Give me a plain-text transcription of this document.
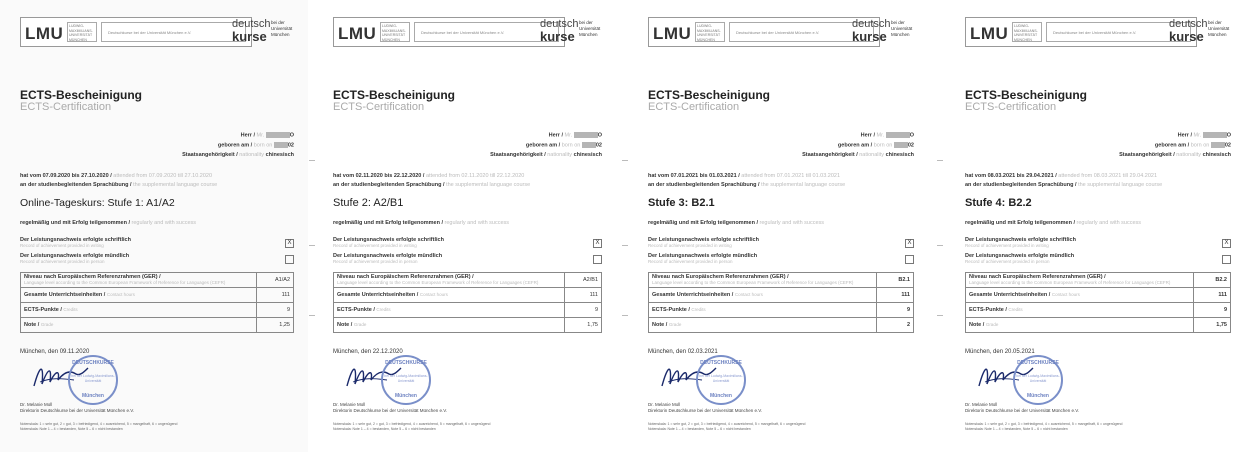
LMU	LUDWIG-MAXIMILIANS-UNIVERSITÄT MÜNCHEN
Deutschkurse bei der Universität München e.V.
deutsch
kurse
bei der Universität München
ECTS-Bescheinigung
ECTS-Certification
Herr / Mr.	O
geboren am / born on	02
Staatsangehörigkeit / nationality chinesisch
hat vom 07.09.2020 bis 27.10.2020 / attended from 07.09.2020 till 27.10.2020
an der studienbegleitenden Sprachübung / the supplemental language course
Online-Tageskurs: Stufe 1: A1/A2
regelmäßig und mit Erfolg teilgenommen / regularly and with success
Der Leistungsnachweis erfolgte schriftlich
Record of achievement provided in writing	X
Der Leistungsnachweis erfolgte mündlich
Record of achievement provided in person
Niveau nach Europäischem Referenzrahmen (GER) /
Language level according to the Common European Framework of Reference for Languages (CEFR)	A1/A2
Gesamte Unterrichtseinheiten / Contact hours	111
ECTS-Punkte / Credits	9
Note / Grade	1,25
München, den 09.11.2020
DEUTSCHKURSE
bei der Ludwig-Maximilians-Universität
München
Dr. Melanie Moll
Direktorin Deutschkurse bei der Universität München e.V.
Notenskala: 1 = sehr gut, 2 = gut, 3 = befriedigend, 4 = ausreichend, 5 = mangelhaft, 6 = ungenügend
Notenskala: Note 1 – 4 = bestanden, Note 5 – 6 = nicht bestanden
LMU	LUDWIG-MAXIMILIANS-UNIVERSITÄT MÜNCHEN
Deutschkurse bei der Universität München e.V.
deutsch
kurse
bei der Universität München
ECTS-Bescheinigung
ECTS-Certification
Herr / Mr.	O
geboren am / born on	02
Staatsangehörigkeit / nationality chinesisch
hat vom 02.11.2020 bis 22.12.2020 / attended from 02.11.2020 till 22.12.2020
an der studienbegleitenden Sprachübung / the supplemental language course
Stufe 2: A2/B1
regelmäßig und mit Erfolg teilgenommen / regularly and with success
Der Leistungsnachweis erfolgte schriftlich
Record of achievement provided in writing	X
Der Leistungsnachweis erfolgte mündlich
Record of achievement provided in person
Niveau nach Europäischem Referenzrahmen (GER) /
Language level according to the Common European Framework of Reference for Languages (CEFR)	A2/B1
Gesamte Unterrichtseinheiten / Contact hours	111
ECTS-Punkte / Credits	9
Note / Grade	1,75
München, den 22.12.2020
DEUTSCHKURSE
bei der Ludwig-Maximilians-Universität
München
Dr. Melanie Moll
Direktorin Deutschkurse bei der Universität München e.V.
Notenskala: 1 = sehr gut, 2 = gut, 3 = befriedigend, 4 = ausreichend, 5 = mangelhaft, 6 = ungenügend
Notenskala: Note 1 – 4 = bestanden, Note 5 – 6 = nicht bestanden
LMU	LUDWIG-MAXIMILIANS-UNIVERSITÄT MÜNCHEN
Deutschkurse bei der Universität München e.V.
deutsch
kurse
bei der Universität München
ECTS-Bescheinigung
ECTS-Certification
Herr / Mr.	O
geboren am / born on	02
Staatsangehörigkeit / nationality chinesisch
hat vom 07.01.2021 bis 01.03.2021 / attended from 07.01.2021 till 01.03.2021
an der studienbegleitenden Sprachübung / the supplemental language course
Stufe 3: B2.1
regelmäßig und mit Erfolg teilgenommen / regularly and with success
Der Leistungsnachweis erfolgte schriftlich
Record of achievement provided in writing	X
Der Leistungsnachweis erfolgte mündlich
Record of achievement provided in person
Niveau nach Europäischem Referenzrahmen (GER) /
Language level according to the Common European Framework of Reference for Languages (CEFR)	B2.1
Gesamte Unterrichtseinheiten / Contact hours	111
ECTS-Punkte / Credits	9
Note / Grade	2
München, den 02.03.2021
DEUTSCHKURSE
bei der Ludwig-Maximilians-Universität
München
Dr. Melanie Moll
Direktorin Deutschkurse bei der Universität München e.V.
Notenskala: 1 = sehr gut, 2 = gut, 3 = befriedigend, 4 = ausreichend, 5 = mangelhaft, 6 = ungenügend
Notenskala: Note 1 – 4 = bestanden, Note 5 – 6 = nicht bestanden
LMU	LUDWIG-MAXIMILIANS-UNIVERSITÄT MÜNCHEN
Deutschkurse bei der Universität München e.V.
deutsch
kurse
bei der Universität München
ECTS-Bescheinigung
ECTS-Certification
Herr / Mr.	O
geboren am / born on	02
Staatsangehörigkeit / nationality chinesisch
hat vom 08.03.2021 bis 29.04.2021 / attended from 08.03.2021 till 29.04.2021
an der studienbegleitenden Sprachübung / the supplemental language course
Stufe 4: B2.2
regelmäßig und mit Erfolg teilgenommen / regularly and with success
Der Leistungsnachweis erfolgte schriftlich
Record of achievement provided in writing	X
Der Leistungsnachweis erfolgte mündlich
Record of achievement provided in person
Niveau nach Europäischem Referenzrahmen (GER) /
Language level according to the Common European Framework of Reference for Languages (CEFR)	B2.2
Gesamte Unterrichtseinheiten / Contact hours	111
ECTS-Punkte / Credits	9
Note / Grade	1,75
München, den 20.05.2021
DEUTSCHKURSE
bei der Ludwig-Maximilians-Universität
München
Dr. Melanie Moll
Direktorin Deutschkurse bei der Universität München e.V.
Notenskala: 1 = sehr gut, 2 = gut, 3 = befriedigend, 4 = ausreichend, 5 = mangelhaft, 6 = ungenügend
Notenskala: Note 1 – 4 = bestanden, Note 5 – 6 = nicht bestanden
